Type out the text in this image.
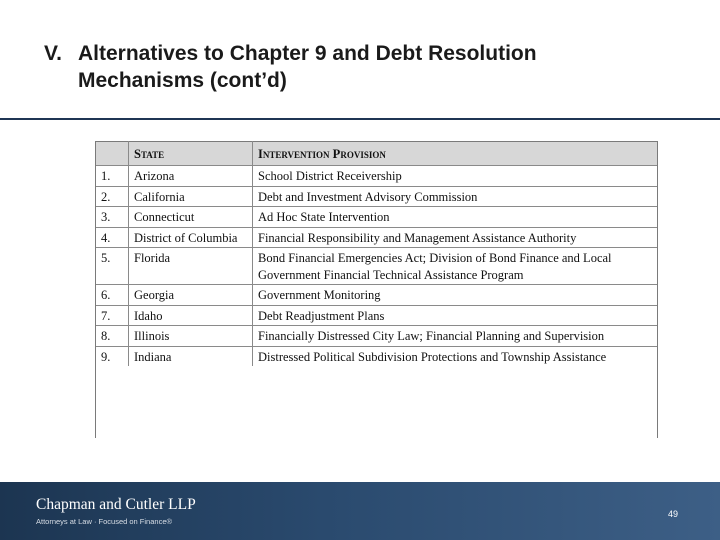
V. Alternatives to Chapter 9 and Debt Resolution
Mechanisms (cont’d)
	State	Intervention Provision
1.	Arizona	School District Receivership
2.	California	Debt and Investment Advisory Commission
3.	Connecticut	Ad Hoc State Intervention
4.	District of Columbia	Financial Responsibility and Management Assistance Authority
5.	Florida	Bond Financial Emergencies Act; Division of Bond Finance and Local Government Financial Technical Assistance Program
6.	Georgia	Government Monitoring
7.	Idaho	Debt Readjustment Plans
8.	Illinois	Financially Distressed City Law; Financial Planning and Supervision
9.	Indiana	Distressed Political Subdivision Protections and Township Assistance
Chapman and Cutler LLP
Attorneys at Law · Focused on Finance®
49
